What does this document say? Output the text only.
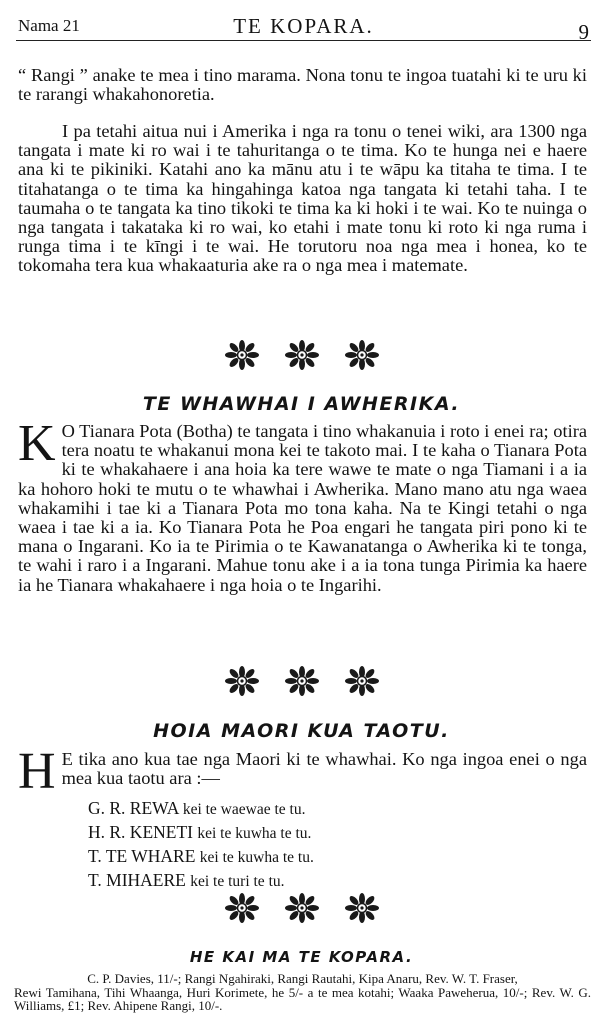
Nama 21	TE KOPARA.	9
“ Rangi ” anake te mea i tino marama. Nona tonu te ingoa tuatahi ki te uru ki te rarangi whakahonoretia.
I pa tetahi aitua nui i Amerika i nga ra tonu o tenei wiki, ara 1300 nga tangata i mate ki ro wai i te tahuritanga o te tima. Ko te hunga nei e haere ana ki te pikiniki. Katahi ano ka mānu atu i te wāpu ka titaha te tima. I te titahatanga o te tima ka hingahinga katoa nga tangata ki tetahi taha. I te taumaha o te tangata ka tino tikoki te tima ka ki hoki i te wai. Ko te nuinga o nga tangata i takataka ki ro wai, ko etahi i mate tonu ki roto ki nga ruma i runga tima i te kīngi i te wai. He torutoru noa nga mea i honea, ko te tokomaha tera kua whakaaturia ake ra o nga mea i matemate.
TE WHAWHAI I AWHERIKA.
K O Tianara Pota (Botha) te tangata i tino whakanuia i roto i enei ra; otira tera noatu te whakanui mona kei te takoto mai. I te kaha o Tianara Pota ki te whakahaere i ana hoia ka tere wawe te mate o nga Tiamani i a ia ka hohoro hoki te mutu o te whawhai i Awherika. Mano mano atu nga waea whakamihi i tae ki a Tianara Pota mo tona kaha. Na te Kingi tetahi o nga waea i tae ki a ia. Ko Tianara Pota he Poa engari he tangata piri pono ki te mana o Ingarani. Ko ia te Pirimia o te Kawanatanga o Awherika ki te tonga, te wahi i raro i a Ingarani. Mahue tonu ake i a ia tona tunga Pirimia ka haere ia he Tianara whakahaere i nga hoia o te Ingarihi.
HOIA MAORI KUA TAOTU.
H E tika ano kua tae nga Maori ki te whawhai. Ko nga ingoa enei o nga mea kua taotu ara :—
G. R. REWA kei te waewae te tu.
H. R. KENETI kei te kuwha te tu.
T. TE WHARE kei te kuwha te tu.
T. MIHAERE kei te turi te tu.
HE KAI MA TE KOPARA.
C. P. Davies, 11/-; Rangi Ngahiraki, Rangi Rautahi, Kipa Anaru, Rev. W. T. Fraser,
Rewi Tamihana, Tihi Whaanga, Huri Korimete, he 5/- a te mea kotahi; Waaka Paweherua, 10/-; Rev. W. G. Williams, £1; Rev. Ahipene Rangi, 10/-.
